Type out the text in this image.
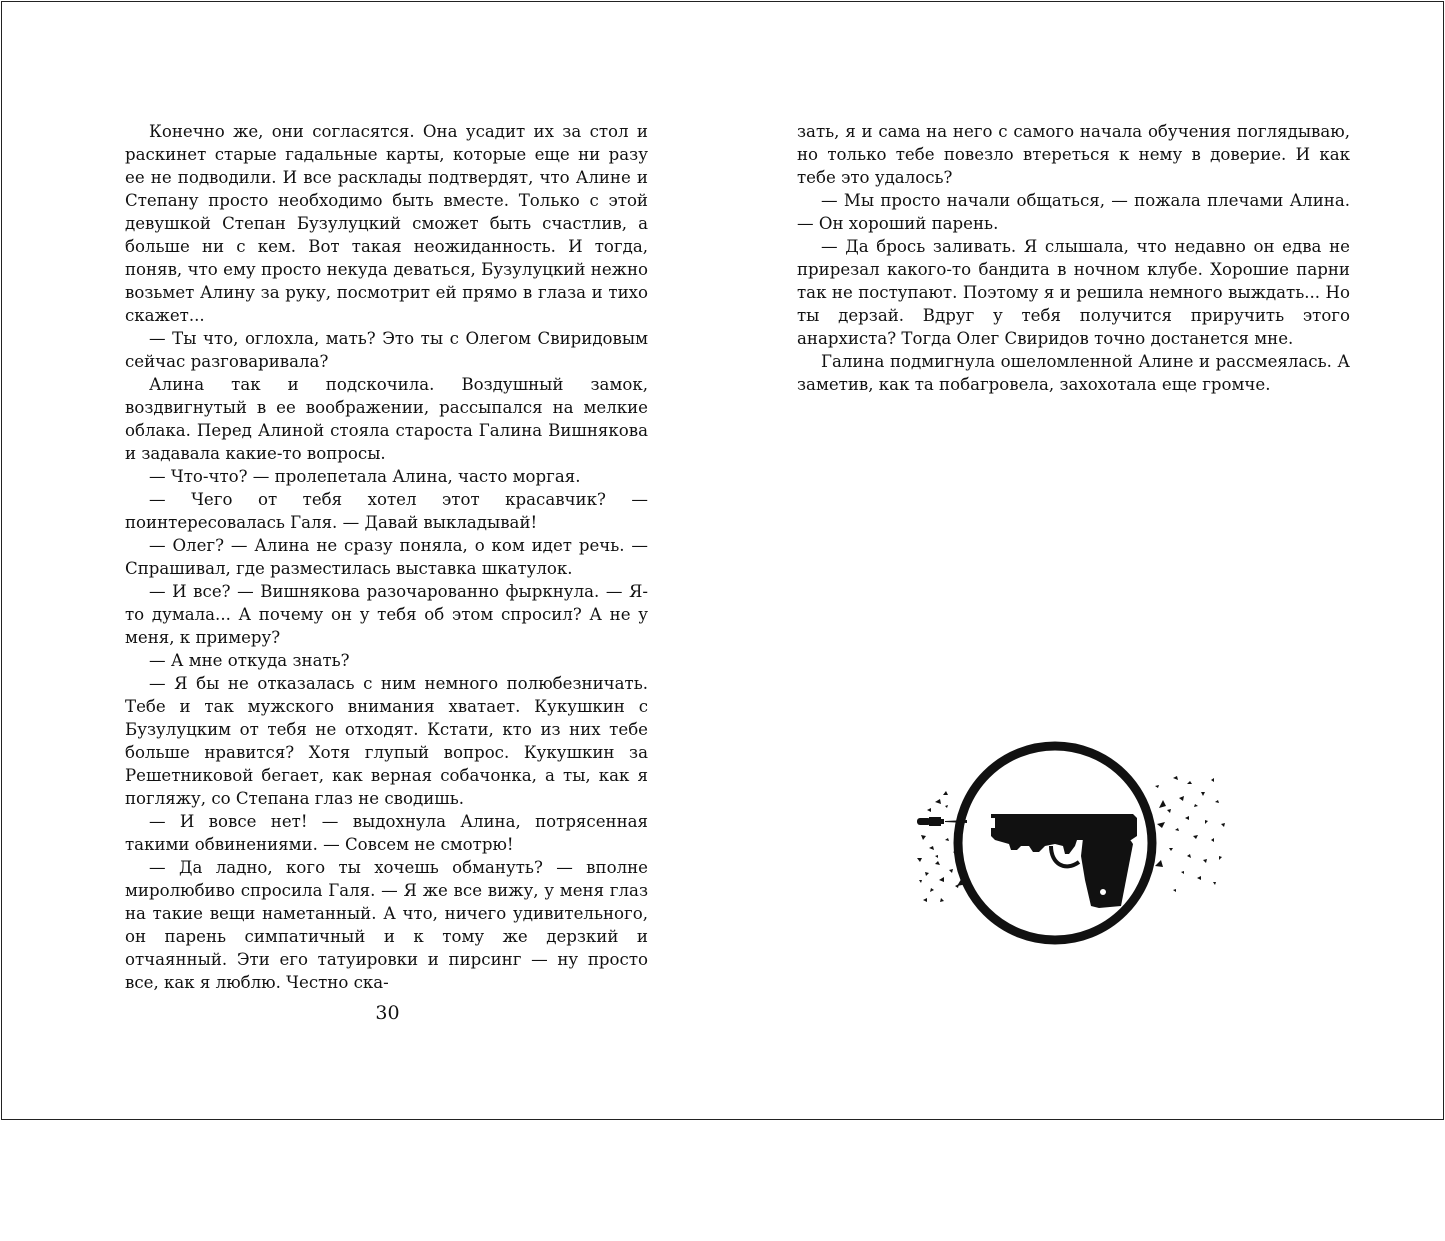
Конечно же, они согласятся. Она усадит их за стол и раскинет старые гадальные карты, которые еще ни разу ее не подводили. И все расклады подтвердят, что Алине и Степану просто необходимо быть вместе. Только с этой девушкой Степан Бузулуцкий сможет быть счастлив, а больше ни с кем. Вот такая неожиданность. И тогда, поняв, что ему просто некуда деваться, Бузулуцкий нежно возьмет Алину за руку, посмотрит ей прямо в глаза и тихо скажет...

— Ты что, оглохла, мать? Это ты с Олегом Свиридовым сейчас разговаривала?

Алина так и подскочила. Воздушный замок, воздвигнутый в ее воображении, рассыпался на мелкие облака. Перед Алиной стояла староста Галина Вишнякова и задавала какие-то вопросы.

— Что-что? — пролепетала Алина, часто моргая.

— Чего от тебя хотел этот красавчик? — поинтересовалась Галя. — Давай выкладывай!

— Олег? — Алина не сразу поняла, о ком идет речь. — Спрашивал, где разместилась выставка шкатулок.

— И все? — Вишнякова разочарованно фыркнула. — Я-то думала... А почему он у тебя об этом спросил? А не у меня, к примеру?

— А мне откуда знать?

— Я бы не отказалась с ним немного полюбезничать. Тебе и так мужского внимания хватает. Кукушкин с Бузулуцким от тебя не отходят. Кстати, кто из них тебе больше нравится? Хотя глупый вопрос. Кукушкин за Решетниковой бегает, как верная собачонка, а ты, как я погляжу, со Степана глаз не сводишь.

— И вовсе нет! — выдохнула Алина, потрясенная такими обвинениями. — Совсем не смотрю!

— Да ладно, кого ты хочешь обмануть? — вполне миролюбиво спросила Галя. — Я же все вижу, у меня глаз на такие вещи наметанный. А что, ничего удивительного, он парень симпатичный и к тому же дерзкий и отчаянный. Эти его татуировки и пирсинг — ну просто все, как я люблю. Честно ска-

30

зать, я и сама на него с самого начала обучения поглядываю, но только тебе повезло втереться к нему в доверие. И как тебе это удалось?

— Мы просто начали общаться, — пожала плечами Алина. — Он хороший парень.

— Да брось заливать. Я слышала, что недавно он едва не прирезал какого-то бандита в ночном клубе. Хорошие парни так не поступают. Поэтому я и решила немного выждать... Но ты дерзай. Вдруг у тебя получится приручить этого анархиста? Тогда Олег Свиридов точно достанется мне.

Галина подмигнула ошеломленной Алине и рассмеялась. А заметив, как та побагровела, захохотала еще громче.
